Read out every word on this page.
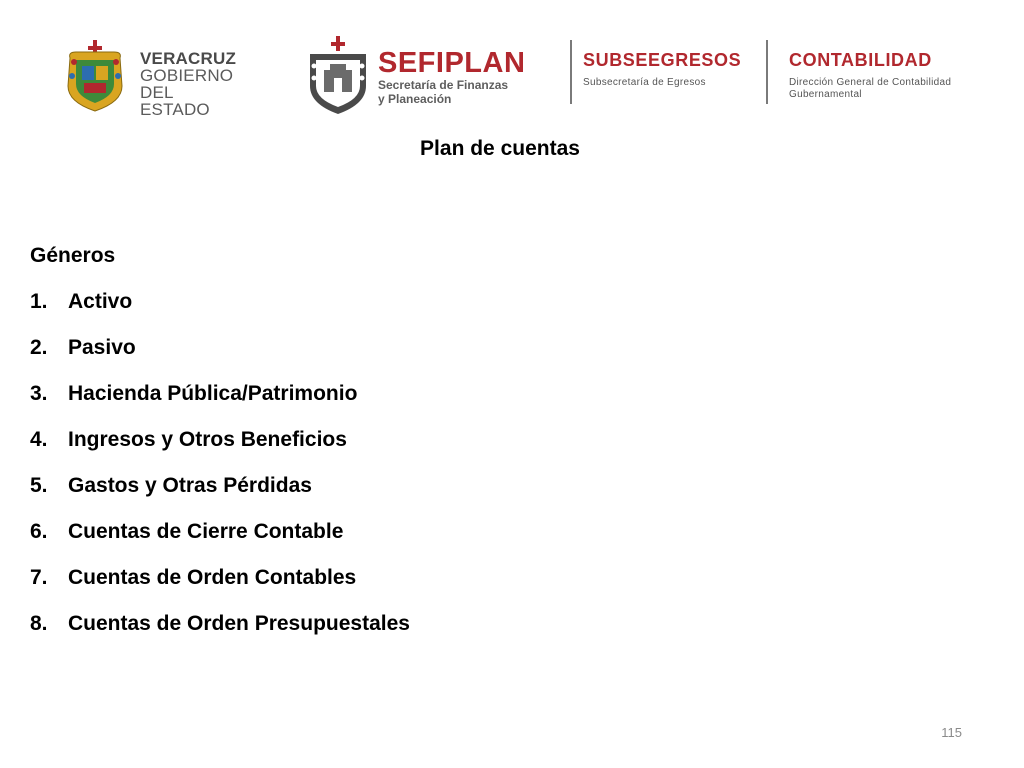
VERACRUZ
GOBIERNO
DEL ESTADO
SEFIPLAN
Secretaría de Finanzas
y Planeación
SUBSEEGRESOS
Subsecretaría de Egresos
CONTABILIDAD
Dirección General de Contabilidad
Gubernamental
Plan de cuentas
Géneros
1. Activo
2. Pasivo
3. Hacienda Pública/Patrimonio
4. Ingresos y Otros Beneficios
5. Gastos y Otras Pérdidas
6. Cuentas de Cierre Contable
7. Cuentas de Orden Contables
8. Cuentas de Orden Presupuestales
115
